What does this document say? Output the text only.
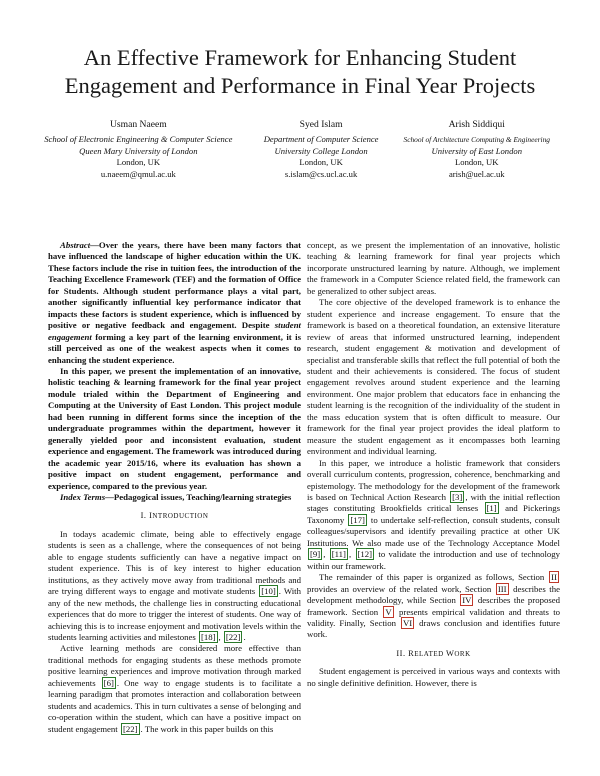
An Effective Framework for Enhancing Student Engagement and Performance in Final Year Projects
Usman Naeem
School of Electronic Engineering & Computer Science
Queen Mary University of London
London, UK
u.naeem@qmul.ac.uk
Syed Islam
Department of Computer Science
University College London
London, UK
s.islam@cs.ucl.ac.uk
Arish Siddiqui
School of Architecture Computing & Engineering
University of East London
London, UK
arish@uel.ac.uk

Abstract—Over the years, there have been many factors that have influenced the landscape of higher education within the UK. These factors include the rise in tuition fees, the introduction of the Teaching Excellence Framework (TEF) and the formation of Office for Students. Although student performance plays a vital part, another significantly influential key performance indicator that impacts these factors is student experience, which is influenced by positive or negative feedback and engagement. Despite student engagement forming a key part of the learning environment, it is still perceived as one of the weakest aspects when it comes to enhancing the student experience.

In this paper, we present the implementation of an innovative, holistic teaching & learning framework for the final year project module trialed within the Department of Engineering and Computing at the University of East London. This project module had been running in different forms since the inception of the undergraduate programmes within the department, however it generally yielded poor and inconsistent evaluation, student experience and engagement. The framework was introduced during the academic year 2015/16, where its evaluation has shown a positive impact on student engagement, performance and experience, compared to the previous year.

Index Terms—Pedagogical issues, Teaching/learning strategies

I. INTRODUCTION

In todays academic climate, being able to effectively engage students is seen as a challenge, where the consequences of not being able to engage students sufficiently can have a negative impact on student experience. This is of key interest to higher education institutions, as they actively move away from traditional methods and are trying different ways to engage and motivate students [10] . With any of the new methods, the challenge lies in constructing educational experiences that do more to trigger the interest of students. One way of achieving this is to increase enjoyment and motivation levels within the students learning activities and milestones [18] , [22] .

Active learning methods are considered more effective than traditional methods for engaging students as these methods promote positive learning experiences and improve motivation through marked achievements [6] . One way to engage students is to facilitate a learning paradigm that promotes interaction and collaboration between students and academics. This in turn cultivates a sense of belonging and co-operation within the student, which can have a positive impact on student engagement [22] . The work in this paper builds on this

concept, as we present the implementation of an innovative, holistic teaching & learning framework for final year projects which incorporate unstructured learning by nature. Although, we implement the framework in a Computer Science related field, the framework can be generalized to other subject areas.

The core objective of the developed framework is to enhance the student experience and increase engagement. To ensure that the framework is based on a theoretical foundation, an extensive literature review of areas that informed unstructured learning, independent research, student engagement & motivation and development of specialist and transferable skills that reflect the full potential of both the student and their achievements is considered. The focus of student engagement revolves around student experience and the learning environment. One major problem that educators face in enhancing the student learning is the recognition of the individuality of the student in the mass education system that is often difficult to measure. Our framework for the final year project provides the ideal platform to measure the student engagement as it encompasses both learning environment and individual learning.

In this paper, we introduce a holistic framework that considers overall curriculum contents, progression, coherence, benchmarking and epistemology. The methodology for the development of the framework is based on Technical Action Research [3] , with the initial reflection stages constituting Brookfields critical lenses [1] and Pickerings Taxonomy [17] to undertake self-reflection, consult students, consult colleagues/supervisors and identify prevailing practice at other UK Institutions. We also made use of the Technology Acceptance Model [9] , [11] , [12] to validate the introduction and use of technology within our framework.

The remainder of this paper is organized as follows, Section II provides an overview of the related work, Section III describes the development methodology, while Section IV describes the proposed framework. Section V presents empirical validation and threats to validity. Finally, Section VI draws conclusion and identifies future work.

II. RELATED WORK

Student engagement is perceived in various ways and contexts with no single definitive definition. However, there is
